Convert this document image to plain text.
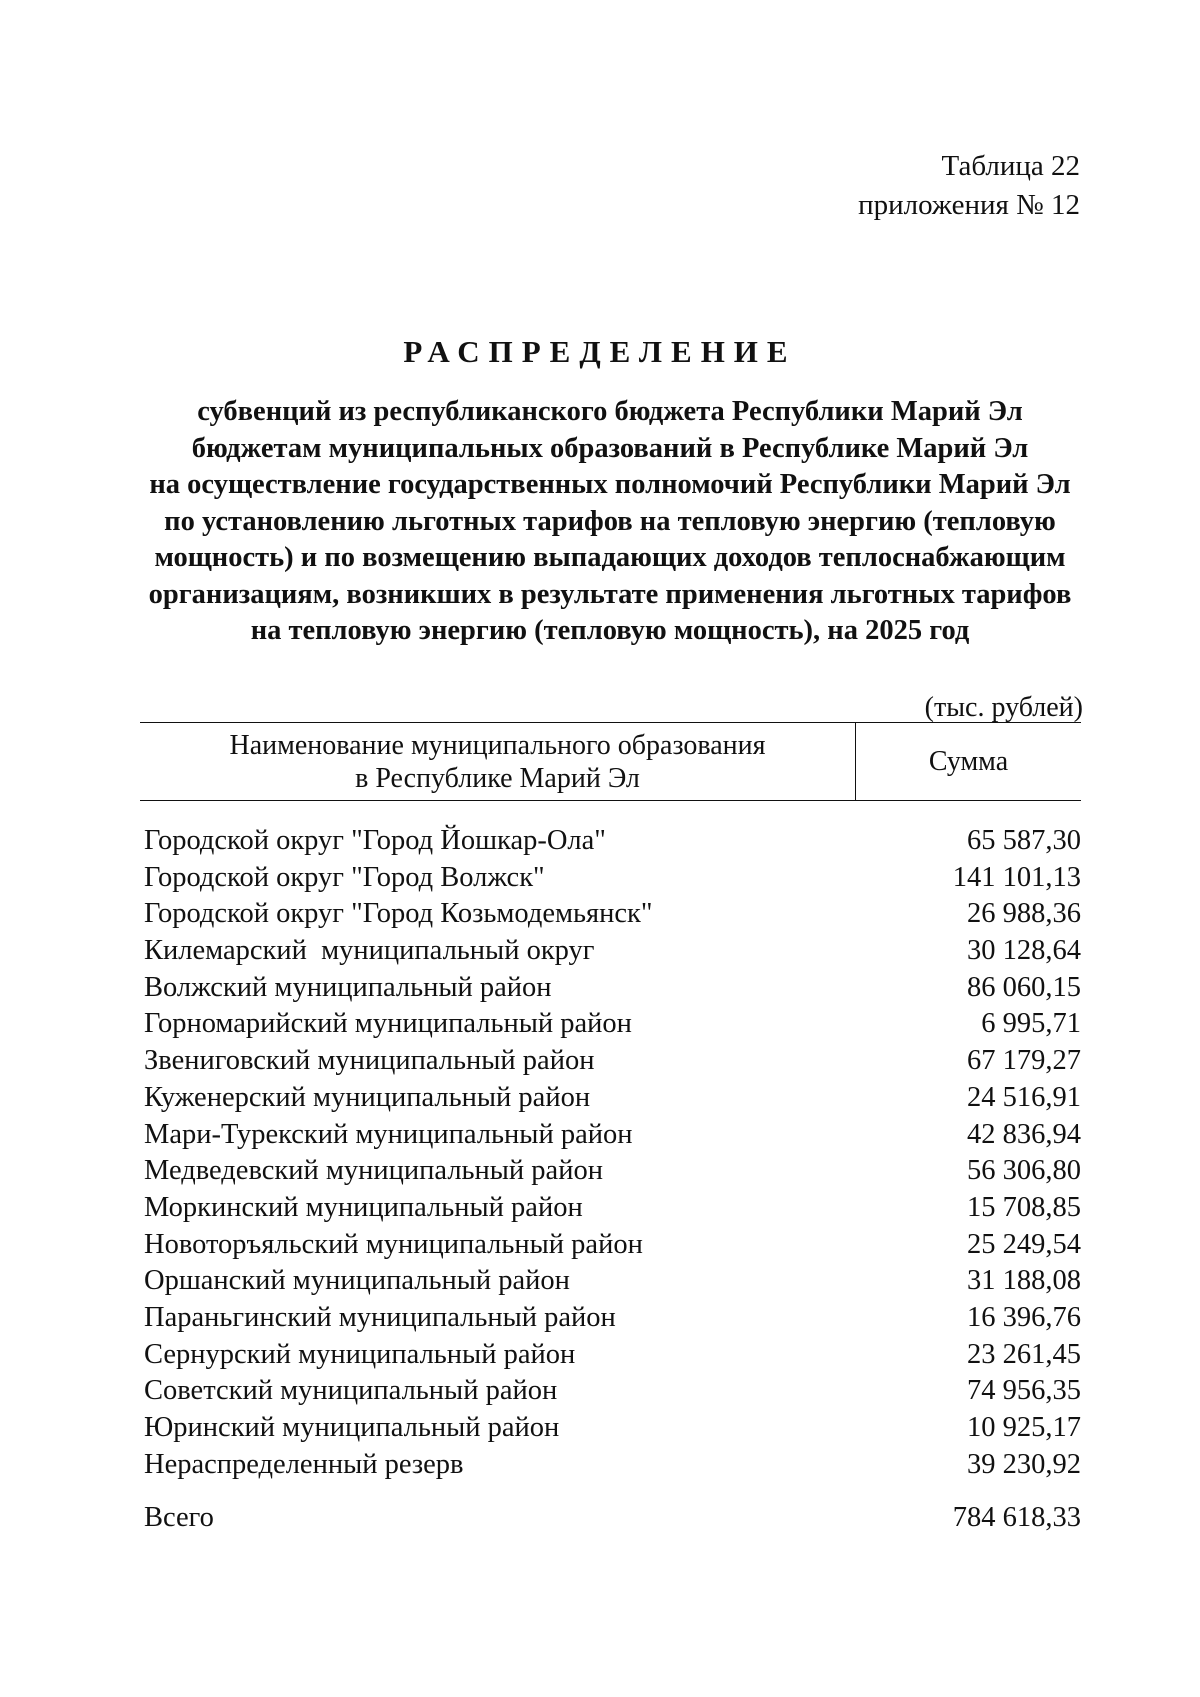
Таблица 22
приложения № 12
РАСПРЕДЕЛЕНИЕ
субвенций из республиканского бюджета Республики Марий Эл
бюджетам муниципальных образований в Республике Марий Эл
на осуществление государственных полномочий Республики Марий Эл
по установлению льготных тарифов на тепловую энергию (тепловую
мощность) и по возмещению выпадающих доходов теплоснабжающим
организациям, возникших в результате применения льготных тарифов
на тепловую энергию (тепловую мощность), на 2025 год
(тыс. рублей)
Наименование муниципального образования
в Республике Марий Эл
Сумма
Городской округ "Город Йошкар-Ола"	65 587,30
Городской округ "Город Волжск"	141 101,13
Городской округ "Город Козьмодемьянск"	26 988,36
Килемарский  муниципальный округ	30 128,64
Волжский муниципальный район	86 060,15
Горномарийский муниципальный район	6 995,71
Звениговский муниципальный район	67 179,27
Куженерский муниципальный район	24 516,91
Мари-Турекский муниципальный район	42 836,94
Медведевский муниципальный район	56 306,80
Моркинский муниципальный район	15 708,85
Новоторъяльский муниципальный район	25 249,54
Оршанский муниципальный район	31 188,08
Параньгинский муниципальный район	16 396,76
Сернурский муниципальный район	23 261,45
Советский муниципальный район	74 956,35
Юринский муниципальный район	10 925,17
Нераспределенный резерв	39 230,92
Всего	784 618,33
